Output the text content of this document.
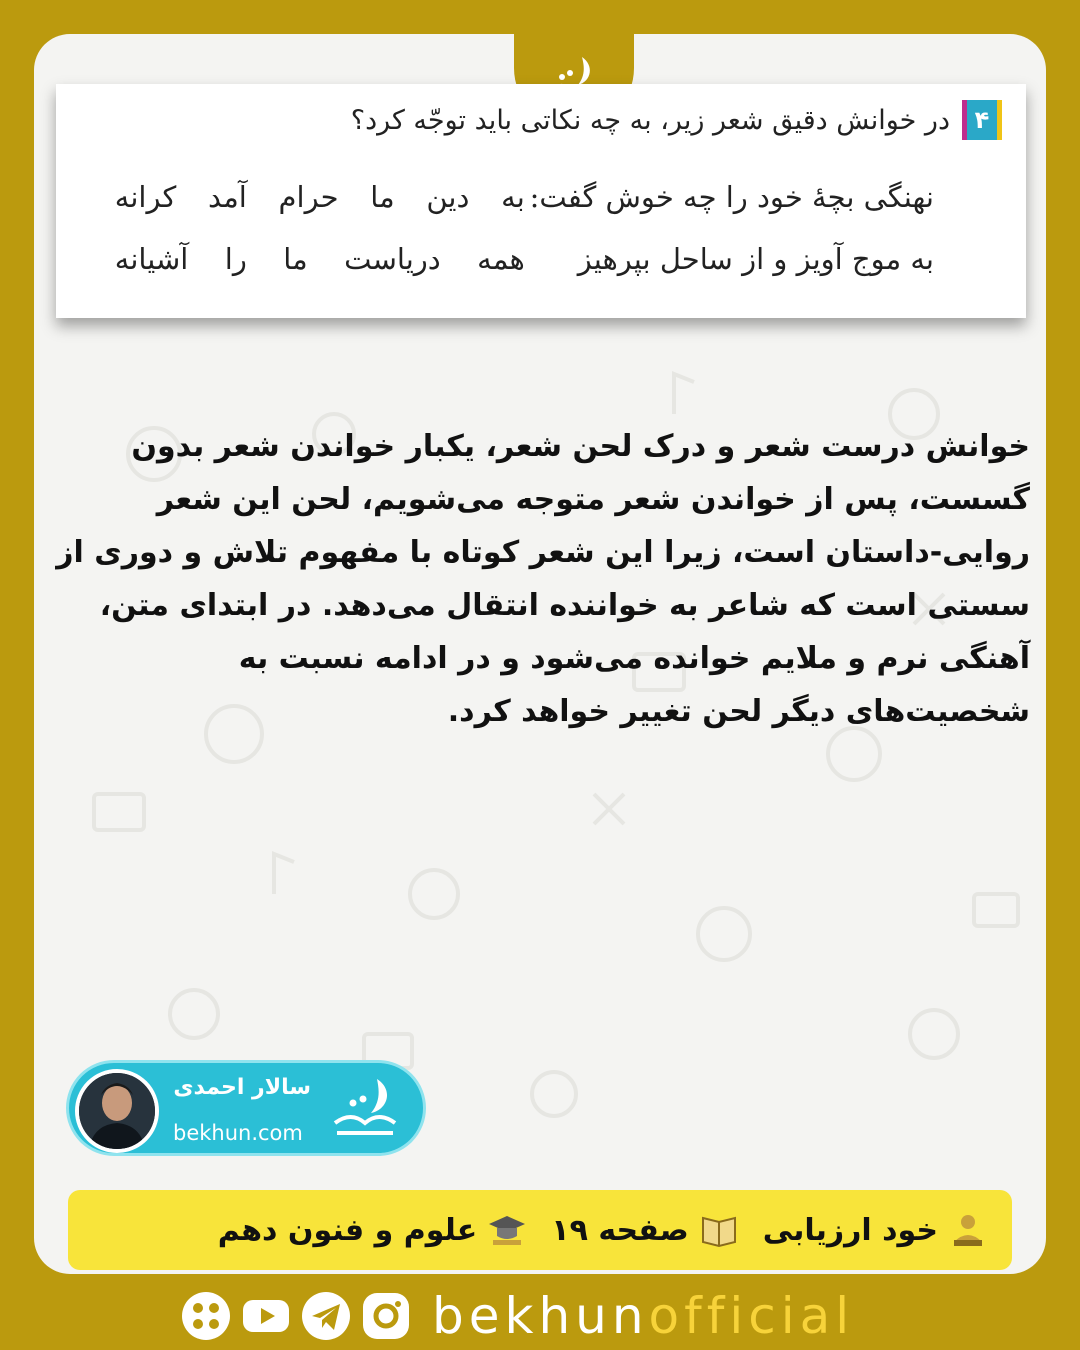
۴
در خوانش دقیق شعر زیر، به چه نکاتی باید توجّه کرد؟
نهنگی بچۀ خود را چه خوش گفت: به دین ما حرام آمد کرانه
به موج آویز و از ساحل بپرهیز همه دریاست ما را آشیانه
خوانش درست شعر و درک لحن شعر، یکبار خواندن شعر بدون گسست، پس از خواندن شعر متوجه می‌شویم، لحن این شعر روایی-داستان است، زیرا این شعر کوتاه با مفهوم تلاش و دوری از سستی است که شاعر به خواننده انتقال می‌دهد. در ابتدای متن، آهنگی نرم و ملایم خوانده می‌شود و در ادامه نسبت به شخصیت‌های دیگر لحن تغییر خواهد کرد.
سالار احمدی
bekhun.com
خود ارزیابی
صفحه ۱۹
علوم و فنون دهم
bekhunofficial
